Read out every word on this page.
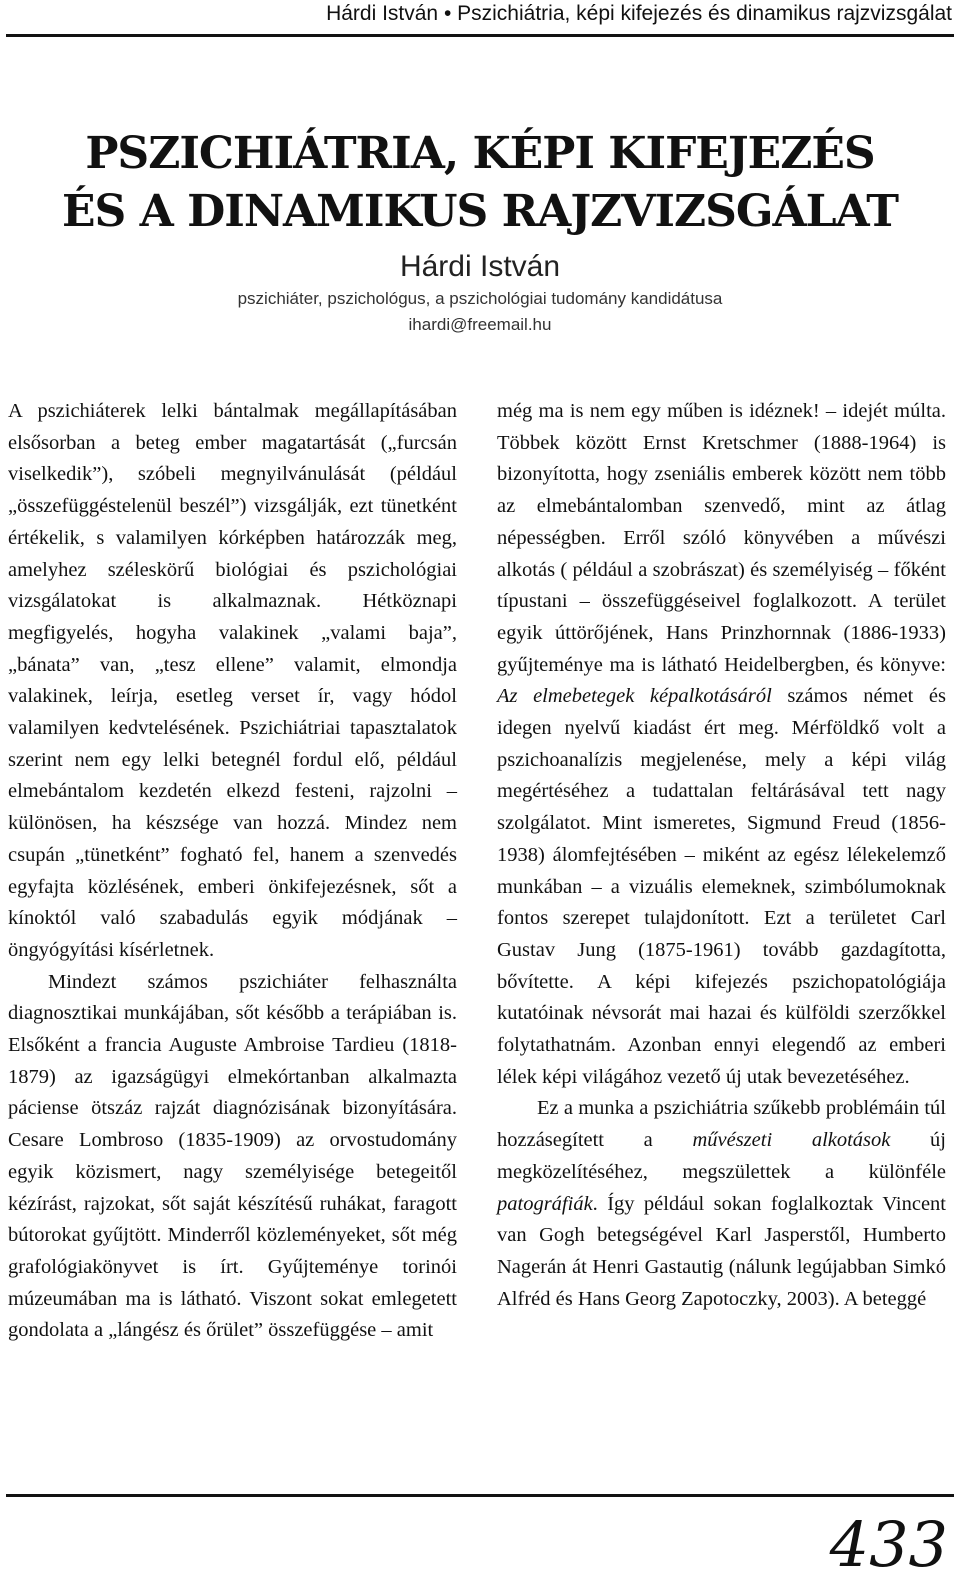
Hárdi István • Pszichiátria, képi kifejezés és dinamikus rajzvizsgálat
PSZICHIÁTRIA, KÉPI KIFEJEZÉS
ÉS A DINAMIKUS RAJZVIZSGÁLAT
Hárdi István
pszichiáter, pszichológus, a pszichológiai tudomány kandidátusa
ihardi@freemail.hu

A pszichiáterek lelki bántalmak megállapításában elsősorban a beteg ember magatartását („furcsán viselkedik”), szóbeli megnyilvánulását (például „összefüggéstelenül beszél”) vizsgálják, ezt tünetként értékelik, s valamilyen kórképben határozzák meg, amelyhez széleskörű biológiai és pszichológiai vizsgálatokat is alkalmaznak. Hétköznapi megfigyelés, hogyha valakinek „valami baja”, „bánata” van, „tesz ellene” valamit, elmondja valakinek, leírja, esetleg verset ír, vagy hódol valamilyen kedvtelésének. Pszichiátriai tapasztalatok szerint nem egy lelki betegnél fordul elő, például elmebántalom kezdetén elkezd festeni, rajzolni – különösen, ha készsége van hozzá. Mindez nem csupán „tünetként” fogható fel, hanem a szenvedés egyfajta közlésének, emberi önkifejezésnek, sőt a kínoktól való szabadulás egyik módjának – öngyógyítási kísérletnek.

Mindezt számos pszichiáter felhasználta diagnosztikai munkájában, sőt később a terápiában is. Elsőként a francia Auguste Ambroise Tardieu (1818-1879) az igazságügyi elmekórtanban alkalmazta páciense ötszáz rajzát diagnózisának bizonyítására. Cesare Lombroso (1835-1909) az orvostudomány egyik közismert, nagy személyisége betegeitől kézírást, rajzokat, sőt saját készítésű ruhákat, faragott bútorokat gyűjtött. Minderről közleményeket, sőt még grafológiakönyvet is írt. Gyűjteménye torinói múzeumában ma is látható. Viszont sokat emlegetett gondolata a „lángész és őrület” összefüggése – amit

még ma is nem egy műben is idéznek! – idejét múlta. Többek között Ernst Kretschmer (1888-1964) is bizonyította, hogy zseniális emberek között nem több az elmebántalomban szenvedő, mint az átlag népességben. Erről szóló könyvében a művészi alkotás ( például a szobrászat) és személyiség – főként típustani – összefüggéseivel foglalkozott. A terület egyik úttörőjének, Hans Prinzhornnak (1886-1933) gyűjteménye ma is látható Heidelbergben, és könyve: Az elmebetegek képalkotásáról számos német és idegen nyelvű kiadást ért meg. Mérföldkő volt a pszichoanalízis megjelenése, mely a képi világ megértéséhez a tudattalan feltárásával tett nagy szolgálatot. Mint ismeretes, Sigmund Freud (1856-1938) álomfejtésében – miként az egész lélekelemző munkában – a vizuális elemeknek, szimbólumoknak fontos szerepet tulajdonított. Ezt a területet Carl Gustav Jung (1875-1961) tovább gazdagította, bővítette. A képi kifejezés pszichopatológiája kutatóinak névsorát mai hazai és külföldi szerzőkkel folytathatnám. Azonban ennyi elegendő az emberi lélek képi világához vezető új utak bevezetéséhez.

Ez a munka a pszichiátria szűkebb problémáin túl hozzásegített a művészeti alkotások új megközelítéséhez, megszülettek a különféle patográfiák. Így például sokan foglalkoztak Vincent van Gogh betegségével Karl Jasperstől, Humberto Nagerán át Henri Gastautig (nálunk legújabban Simkó Alfréd és Hans Georg Zapotoczky, 2003). A beteggé

433
